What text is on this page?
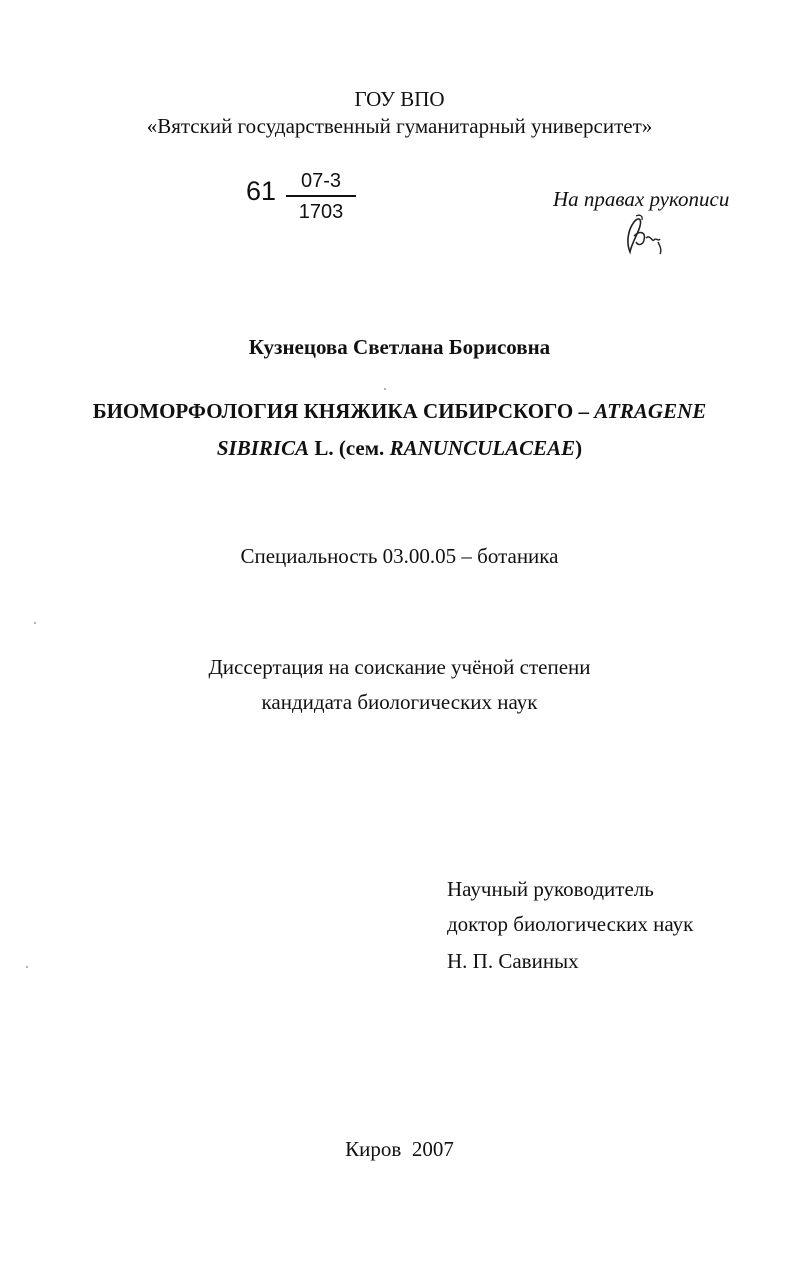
ГОУ ВПО
«Вятский государственный гуманитарный университет»
61	07-3
1703
На правах рукописи
Кузнецова Светлана Борисовна
БИОМОРФОЛОГИЯ КНЯЖИКА СИБИРСКОГО – ATRAGENE
SIBIRICA L. (сем. RANUNCULACEAE)
Специальность 03.00.05 – ботаника
Диссертация на соискание учёной степени
кандидата биологических наук
Научный руководитель
доктор биологических наук
Н. П. Савиных
Киров  2007
